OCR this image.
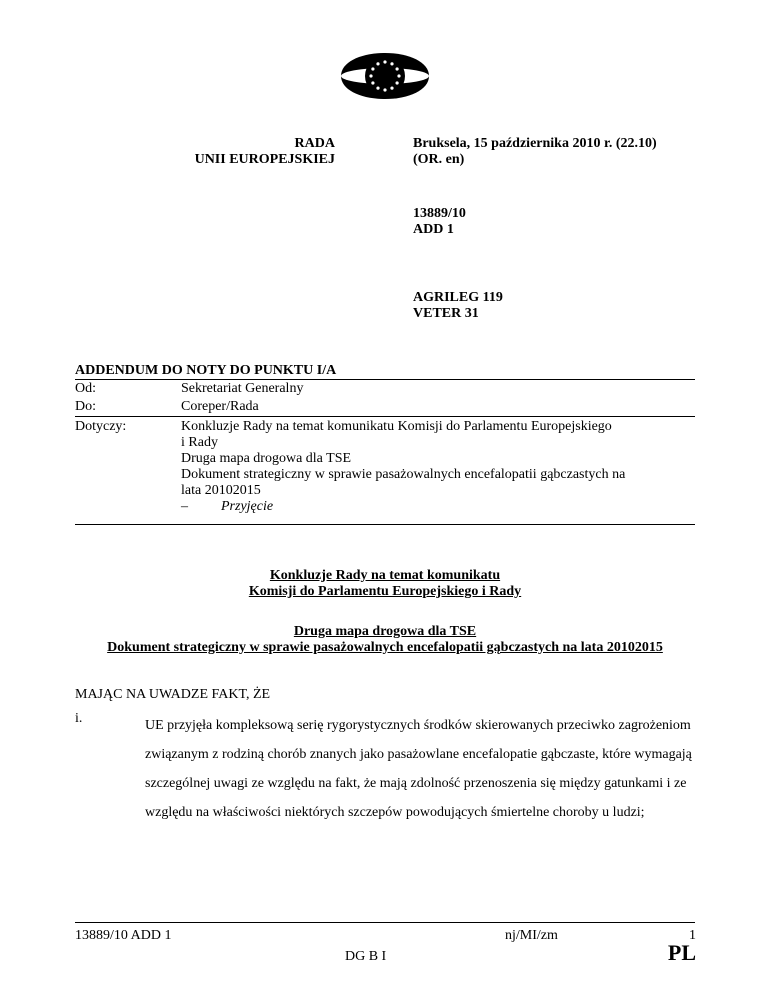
RADA
UNII EUROPEJSKIEJ
Bruksela, 15 października 2010 r. (22.10)
(OR. en)
13889/10
ADD 1
AGRILEG 119
VETER 31
ADDENDUM DO NOTY DO PUNKTU I/A
Od:	Sekretariat Generalny
Do:	Coreper/Rada
Dotyczy:	Konkluzje Rady na temat komunikatu Komisji do Parlamentu Europejskiego
i Rady
Druga mapa drogowa dla TSE
Dokument strategiczny w sprawie pasażowalnych encefalopatii gąbczastych na
lata 20102015
– Przyjęcie
Konkluzje Rady na temat komunikatu
Komisji do Parlamentu Europejskiego i Rady
Druga mapa drogowa dla TSE
Dokument strategiczny w sprawie pasażowalnych encefalopatii gąbczastych na lata 20102015
MAJĄC NA UWADZE FAKT, ŻE
i.	UE przyjęła kompleksową serię rygorystycznych środków skierowanych przeciwko zagrożeniom związanym z rodziną chorób znanych jako pasażowlane encefalopatie gąbczaste, które wymagają szczególnej uwagi ze względu na fakt, że mają zdolność przenoszenia się między gatunkami i ze względu na właściwości niektórych szczepów powodujących śmiertelne choroby u ludzi;
13889/10 ADD 1	nj/MI/zm	1
DG B I	PL
